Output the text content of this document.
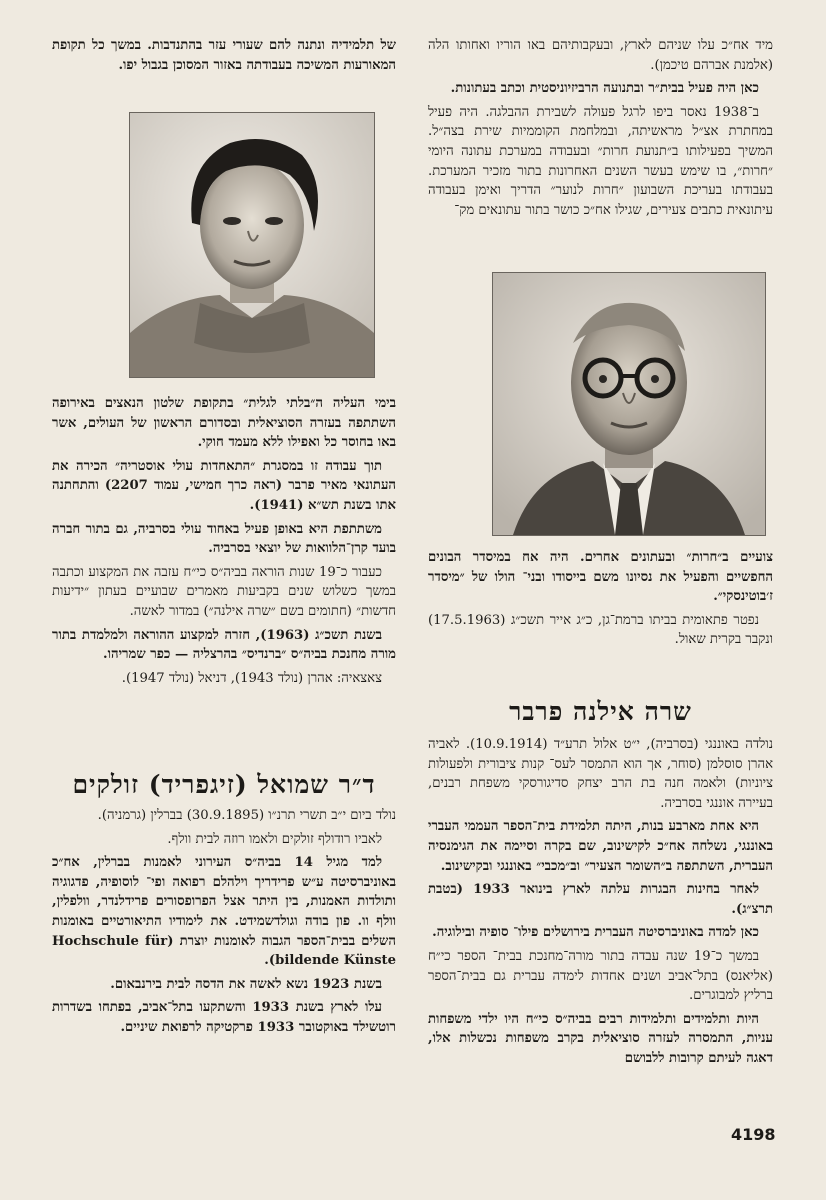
מיד אח״כ עלו שניהם לארץ, ובעקבותיהם באו הוריו ואחותו הלה (אלמנת אברהם טיכמן).

כאן היה פעיל בבית״ר ובתנועה הרביזיוניסטית וכתב בעתונות.

ב־1938 נאסר ביפו לרגל פעולה לשבירת ההבלגה. היה פעיל במחתרת אצ״ל מראשיתה, ובמלחמת הקוממיות שירת בצה״ל. המשיך בפעילותו ב״תנועת חרות״ ובעבודה במערכת עתונה היומי ״חרות״, בו שימש בעשר השנים האחרונות בתור מזכיר המערכת. בעבודתו בעריכת השבועון ״חרות לנוער״ הדריך ואימן בעבודה עיתונאית כתבים צעירים, שגילו אח״כ כושר בתור עתונאים מק־

צועיים ב״חרות״ ובעתונים אחרים. היה אח במיסדר הבונים החפשיים והפעיל את נסיונו משם בייסודו ובני־ הולו של ״מיסדר ז׳בוטינסקי״.

נפטר פתאומית בביתו ברמת־גן, כ״ג אייר תשכ״ג (17.5.1963) ונקבר בקרית שאול.

שרה אילנה פרבר

נולדה באוננגי (בסרביה), י״ט אלול תרע״ד (10.9.1914). לאביה אהרן סוסלמן (סוחר, אך הוא התמסר לעס־ קנות ציבורית ולפעולות ציוניות) ולאמה חנה בת הרב יצחק סדיגורסקי משפחת רבנים, בעיירה אוננגי בסרביה.

היא אחת מארבע בנות, היתה תלמידת בית־הספר העממי העברי באוננגי, נשלחה אח״כ לקישינוב, שם בקרה וסיימה את הגימנסיה העברית, השתתפה ב״השומר הצעיר״ וב״מכבי״ באוננגי ובקישינוב.

לאחר בחינות הבגרות עלתה לארץ בינואר 1933 (בטבת תרצ״ג).

כאן למדה באוניברסיטה העברית בירושלים פילו־ סופיה ובילוגיה.

במשך כ־19 שנה עבדה בתור מורה־מחנכת בבית־ הספר כי״ח (אליאנס) בתל־אביב ושנים אחדות לימדה עברית גם בבית־הספר ברליץ למבוגרים.

היות ותלמידים ותלמידות רבים בביה״ס כי״ח היו ילדי משפחות עניות, התמסרה לעזרה סוציאלית בקרב משפחות נכשלות אלו, דאגה לעיתם קרובות ללבושם

של תלמידיה ונתנה להם שעורי עזר בהתנדבות. במשך כל תקופת המאורעות המשיכה בעבודתה באזור המסוכן בגבול יפו.

בימי העליה ה״בלתי לגלית״ בתקופת שלטון הנאצים באירופה השתתפה בעזרה הסוציאלית ובסדורם הראשון של העולים, אשר באו בחוסר כל ואפילו ללא מעמד חוקי.

תוך עבודה זו במסגרת ״התאחדות עולי אוסטריה״ הכירה את העתונאי מאיר פרבר (ראה כרך חמישי, עמוד 2207) והתחתנה אתו בשנת תש״א (1941).

משתתפת היא באופן פעיל באחוד עולי בסרביה, גם בתור חברה בועד קרן־הלוואות של יוצאי בסרביה.

כעבור כ־19 שנות הוראה בביה״ס כי״ח עזבה את המקצוע וכתבה במשך כשלוש שנים בקביעות מאמרים שבועיים בעתון ״ידיעות חדשות״ (חתומים בשם ״שרה אילנה״) במדור לאשה.

בשנת תשכ״ג (1963), חזרה למקצוע ההוראה ולמלמדת בתור מורה מחנכת בביה״ס ״ברנדיס״ בהרצליה — כפר שמריהו.

צאצאיה: אהרן (נולד 1943), דניאל (נולד 1947).

ד״ר שמואל (זיגפריד) זולקים

נולד ביום י״ב תשרי תרנ״ו (30.9.1895) בברלין (גרמניה).

לאביו רודולף זולקים ולאמו רוזה לבית וולף.

למד מגיל 14 בביה״ס העירוני לאמנות בברלין, אח״כ באוניברסיטה ע״ש פרידריך וילהלם רפואה ופי־ לוסופיה, פדגוגיה ותולדות האמנות, בין היתר אצל הפרופסורים פרידלנדר, וולפלין, וולף וו. פון בודה וגולדשמידט. את לימודיו התיאורטיים באומנות השלים בבית־הספר הגבוה לאומנות יוצרת (Hochschule für bildende Künste).

בשנת 1923 נשא לאשה את הדסה לבית בירנבאום.

עלו לארץ בשנת 1933 והשתקעו בתל־אביב, בפתחו בשדרות רוטשילד באוקטובר 1933 פרקטיקה לרפואת שיניים.

4198
